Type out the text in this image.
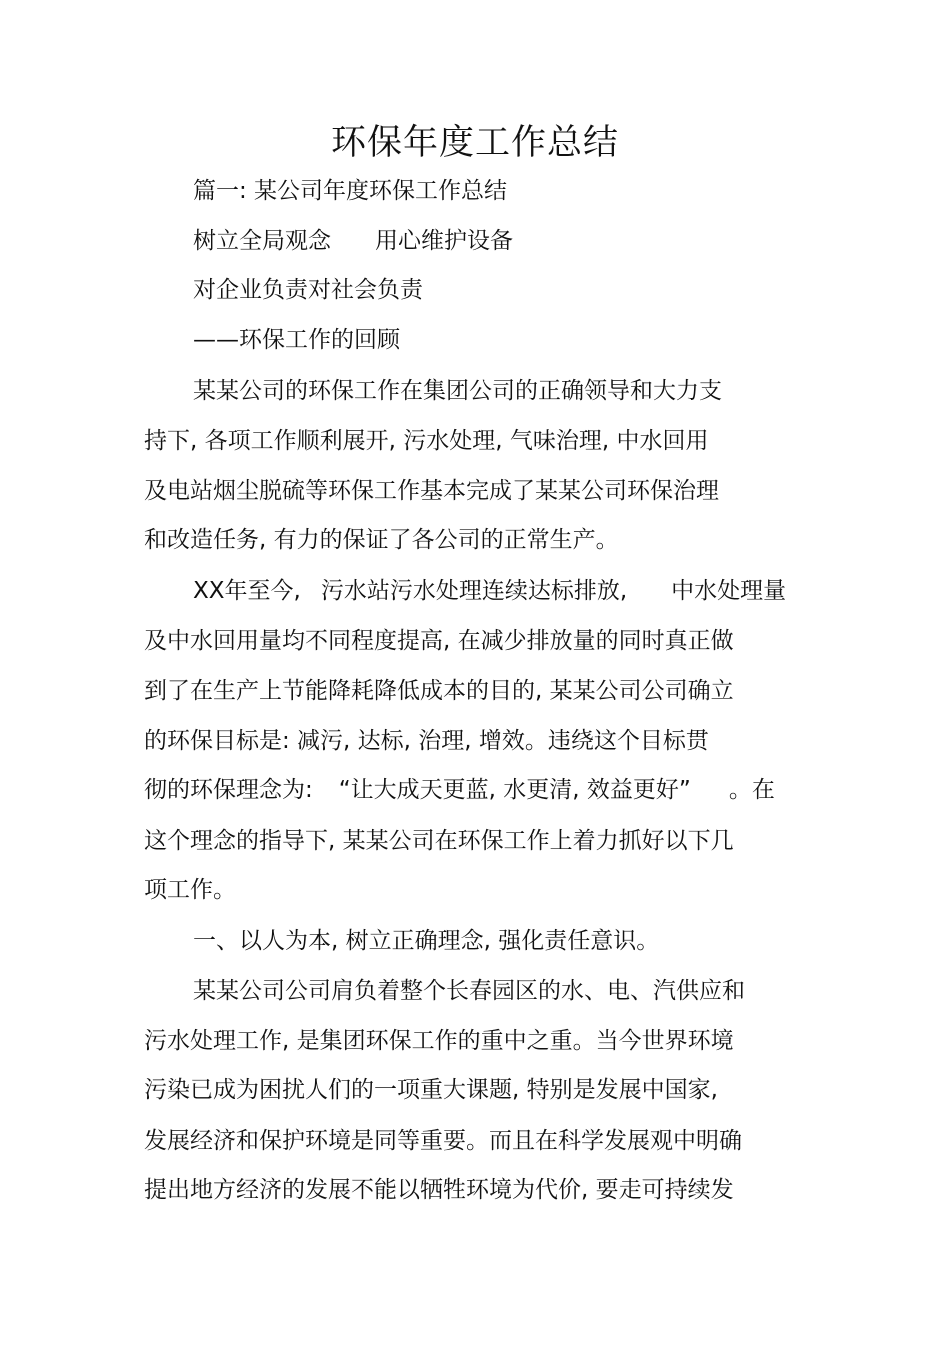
环保年度工作总结
篇一: 某公司年度环保工作总结
树立全局观念 用心维护设备
对企业负责对社会负责
——环保工作的回顾
某某公司的环保工作在集团公司的正确领导和大力支
持下, 各项工作顺利展开, 污水处理, 气味治理, 中水回用
及电站烟尘脱硫等环保工作基本完成了某某公司环保治理
和改造任务, 有力的保证了各公司的正常生产。
XX年至今, 污水站污水处理连续达标排放, 中水处理量
及中水回用量均不同程度提高, 在减少排放量的同时真正做
到了在生产上节能降耗降低成本的目的, 某某公司公司确立
的环保目标是: 减污, 达标, 治理, 增效。违绕这个目标贯
彻的环保理念为: “让大成天更蓝, 水更清, 效益更好” 。在
这个理念的指导下, 某某公司在环保工作上着力抓好以下几
项工作。
一、以人为本, 树立正确理念, 强化责任意识。
某某公司公司肩负着整个长春园区的水、电、汽供应和
污水处理工作, 是集团环保工作的重中之重。当今世界环境
污染已成为困扰人们的一项重大课题, 特别是发展中国家,
发展经济和保护环境是同等重要。而且在科学发展观中明确
提出地方经济的发展不能以牺牲环境为代价, 要走可持续发
